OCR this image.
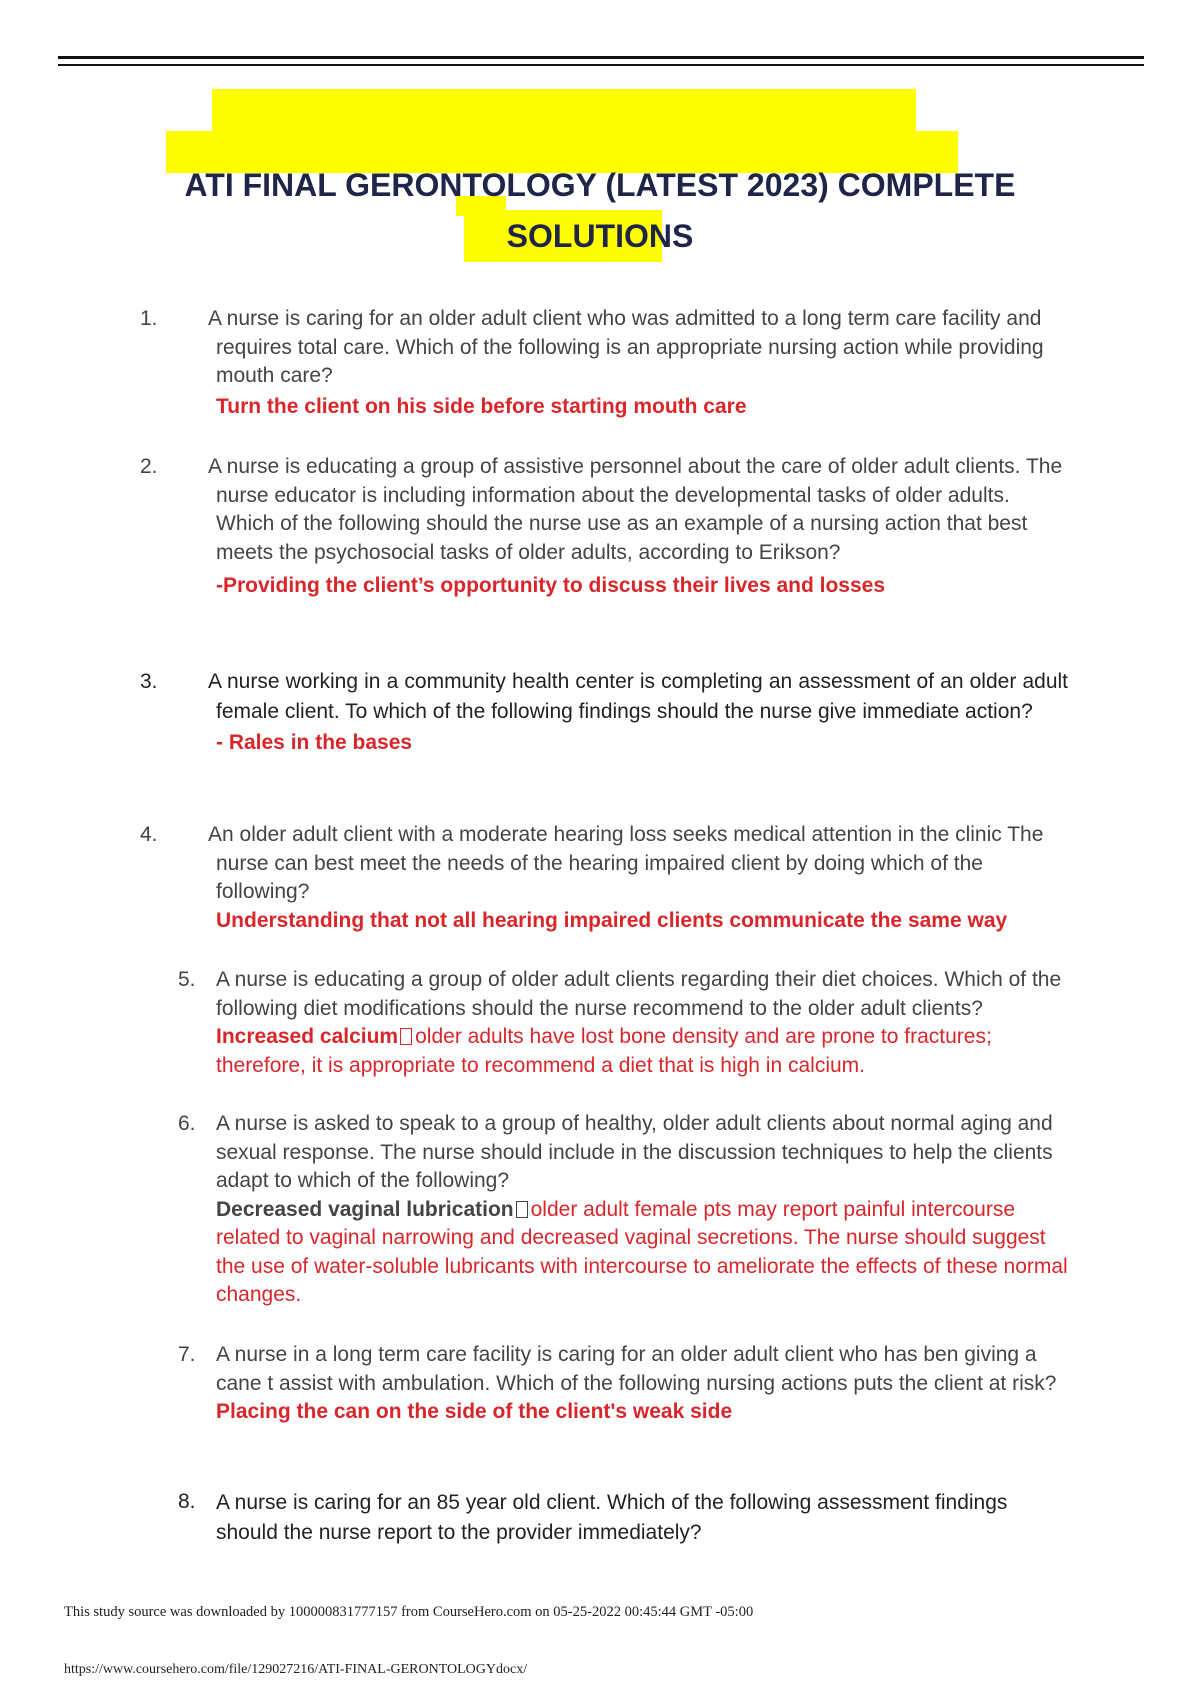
ATI FINAL GERONTOLOGY (LATEST 2023) COMPLETE
SOLUTIONS
1. A nurse is caring for an older adult client who was admitted to a long term care facility and requires total care. Which of the following is an appropriate nursing action while providing mouth care?
Turn the client on his side before starting mouth care
2. A nurse is educating a group of assistive personnel about the care of older adult clients. The nurse educator is including information about the developmental tasks of older adults. Which of the following should the nurse use as an example of a nursing action that best meets the psychosocial tasks of older adults, according to Erikson?
-Providing the client’s opportunity to discuss their lives and losses
3. A nurse working in a community health center is completing an assessment of an older adult female client. To which of the following findings should the nurse give immediate action?
- Rales in the bases
4. An older adult client with a moderate hearing loss seeks medical attention in the clinic The nurse can best meet the needs of the hearing impaired client by doing which of the following?
Understanding that not all hearing impaired clients communicate the same way
5. A nurse is educating a group of older adult clients regarding their diet choices. Which of the following diet modifications should the nurse recommend to the older adult clients? Increased calcium older adults have lost bone density and are prone to fractures; therefore, it is appropriate to recommend a diet that is high in calcium.
6. A nurse is asked to speak to a group of healthy, older adult clients about normal aging and sexual response. The nurse should include in the discussion techniques to help the clients adapt to which of the following?
Decreased vaginal lubrication older adult female pts may report painful intercourse related to vaginal narrowing and decreased vaginal secretions. The nurse should suggest the use of water-soluble lubricants with intercourse to ameliorate the effects of these normal changes.
7. A nurse in a long term care facility is caring for an older adult client who has ben giving a cane t assist with ambulation. Which of the following nursing actions puts the client at risk?
Placing the can on the side of the client's weak side
8. A nurse is caring for an 85 year old client. Which of the following assessment findings should the nurse report to the provider immediately?
This study source was downloaded by 100000831777157 from CourseHero.com on 05-25-2022 00:45:44 GMT -05:00
https://www.coursehero.com/file/129027216/ATI-FINAL-GERONTOLOGYdocx/
